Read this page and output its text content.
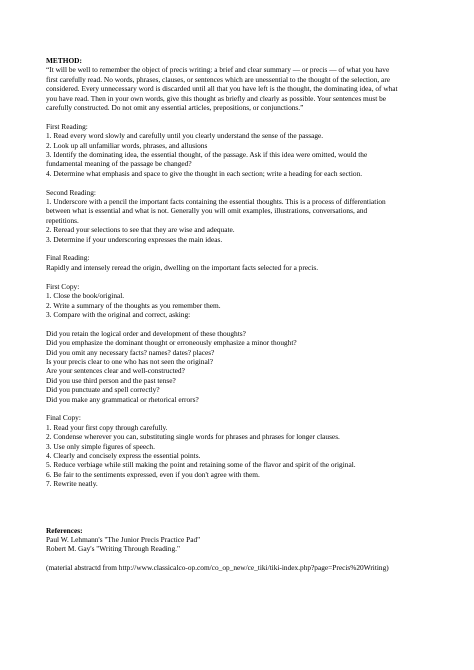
METHOD:
“It will be well to remember the object of precis writing: a brief and clear summary — or precis — of what you have
first carefully read. No words, phrases, clauses, or sentences which are unessential to the thought of the selection, are
considered. Every unnecessary word is discarded until all that you have left is the thought, the dominating idea, of what
you have read. Then in your own words, give this thought as briefly and clearly as possible. Your sentences must be
carefully constructed. Do not omit any essential articles, prepositions, or conjunctions.”
First Reading:
1. Read every word slowly and carefully until you clearly understand the sense of the passage.
2. Look up all unfamiliar words, phrases, and allusions
3. Identify the dominating idea, the essential thought, of the passage. Ask if this idea were omitted, would the
fundamental meaning of the passage be changed?
4. Determine what emphasis and space to give the thought in each section; write a heading for each section.
Second Reading:
1. Underscore with a pencil the important facts containing the essential thoughts. This is a process of differentiation
between what is essential and what is not. Generally you will omit examples, illustrations, conversations, and
repetitions.
2. Reread your selections to see that they are wise and adequate.
3. Determine if your underscoring expresses the main ideas.
Final Reading:
Rapidly and intensely reread the origin, dwelling on the important facts selected for a precis.
First Copy:
1. Close the book/original.
2. Write a summary of the thoughts as you remember them.
3. Compare with the original and correct, asking:
Did you retain the logical order and development of these thoughts?
Did you emphasize the dominant thought or erroneously emphasize a minor thought?
Did you omit any necessary facts? names? dates? places?
Is your precis clear to one who has not seen the original?
Are your sentences clear and well-constructed?
Did you use third person and the past tense?
Did you punctuate and spell correctly?
Did you make any grammatical or rhetorical errors?
Final Copy:
1. Read your first copy through carefully.
2. Condense wherever you can, substituting single words for phrases and phrases for longer clauses.
3. Use only simple figures of speech.
4. Clearly and concisely express the essential points.
5. Reduce verbiage while still making the point and retaining some of the flavor and spirit of the original.
6. Be fair to the sentiments expressed, even if you don't agree with them.
7. Rewrite neatly.
References:
Paul W. Lehmann's "The Junior Precis Practice Pad"
Robert M. Gay's "Writing Through Reading."
(material abstractd from http://www.classicalco-op.com/co_op_new/ce_tiki/tiki-index.php?page=Precis%20Writing)
